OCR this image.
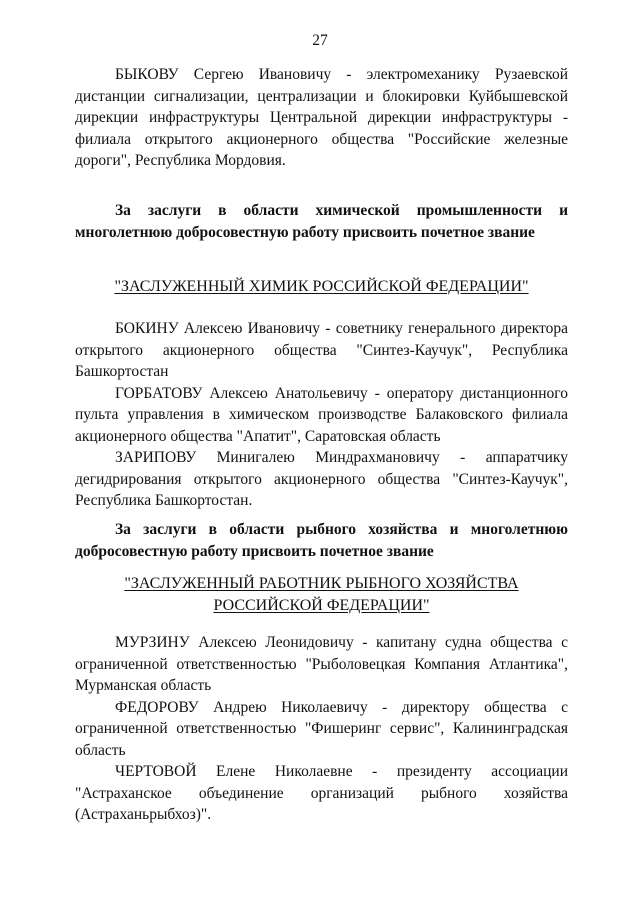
27

БЫКОВУ Сергею Ивановичу - электромеханику Рузаевской дистанции сигнализации, централизации и блокировки Куйбышевской дирекции инфраструктуры Центральной дирекции инфраструктуры - филиала открытого акционерного общества "Российские железные дороги", Республика Мордовия.

За заслуги в области химической промышленности и многолетнюю добросовестную работу присвоить почетное звание

"ЗАСЛУЖЕННЫЙ ХИМИК РОССИЙСКОЙ ФЕДЕРАЦИИ"

БОКИНУ Алексею Ивановичу - советнику генерального директора открытого акционерного общества "Синтез-Каучук", Республика Башкортостан

ГОРБАТОВУ Алексею Анатольевичу - оператору дистанционного пульта управления в химическом производстве Балаковского филиала акционерного общества "Апатит", Саратовская область

ЗАРИПОВУ Минигалею Миндрахмановичу - аппаратчику дегидрирования открытого акционерного общества "Синтез-Каучук", Республика Башкортостан.

За заслуги в области рыбного хозяйства и многолетнюю добросовестную работу присвоить почетное звание

"ЗАСЛУЖЕННЫЙ РАБОТНИК РЫБНОГО ХОЗЯЙСТВА

РОССИЙСКОЙ ФЕДЕРАЦИИ"

МУРЗИНУ Алексею Леонидовичу - капитану судна общества с ограниченной ответственностью "Рыболовецкая Компания Атлантика", Мурманская область

ФЕДОРОВУ Андрею Николаевичу - директору общества с ограниченной ответственностью "Фишеринг сервис", Калининградская область

ЧЕРТОВОЙ Елене Николаевне - президенту ассоциации "Астраханское объединение организаций рыбного хозяйства (Астраханьрыбхоз)".
